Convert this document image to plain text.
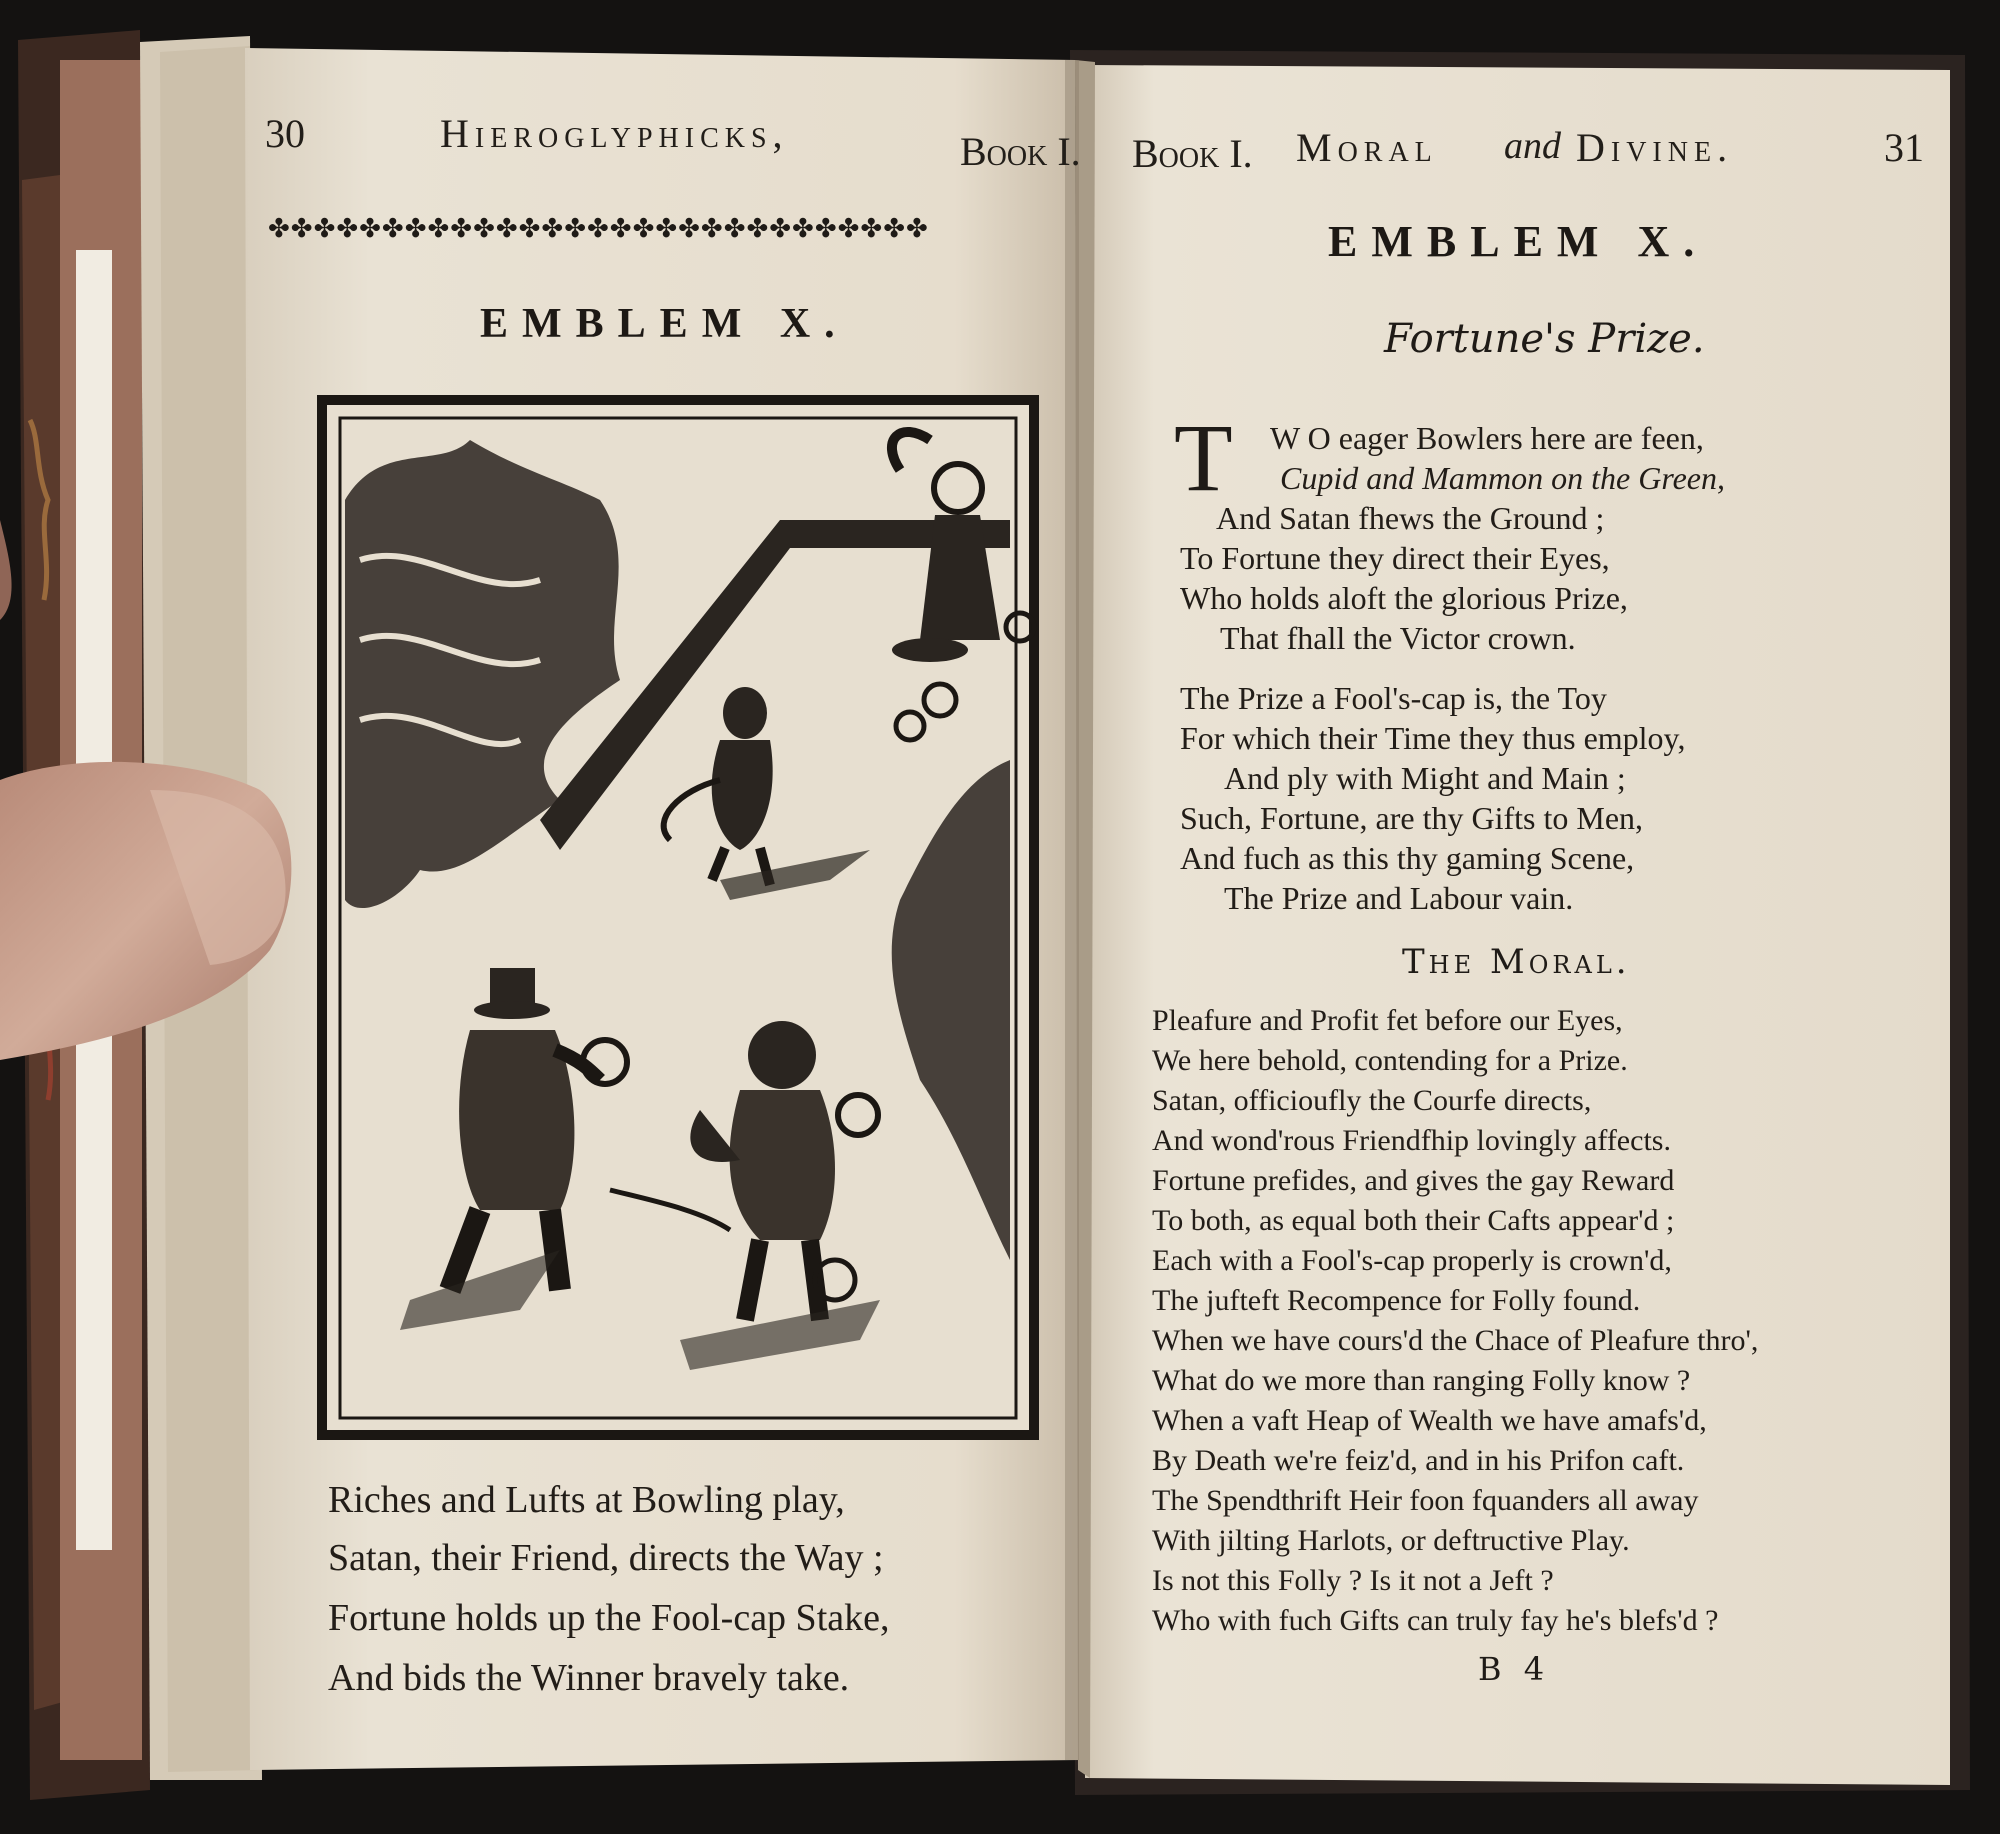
30	Hieroglyphicks,	Book I.
✤✤✤✤✤✤✤✤✤✤✤✤✤✤✤✤✤✤✤✤✤✤✤✤✤✤✤✤✤
EMBLEM X.
Riches and Lufts at Bowling play,
Satan, their Friend, directs the Way ;
Fortune holds up the Fool-cap Stake,
And bids the Winner bravely take.
Book I. Moral and Divine.	31
EMBLEM X.
Fortune's Prize.
T W O eager Bowlers here are feen,
Cupid and Mammon on the Green,
And Satan fhews the Ground ;
To Fortune they direct their Eyes,
Who holds aloft the glorious Prize,
That fhall the Victor crown.
The Prize a Fool's-cap is, the Toy
For which their Time they thus employ,
And ply with Might and Main ;
Such, Fortune, are thy Gifts to Men,
And fuch as this thy gaming Scene,
The Prize and Labour vain.
The Moral.
Pleafure and Profit fet before our Eyes,
We here behold, contending for a Prize.
Satan, officioufly the Courfe directs,
And wond'rous Friendfhip lovingly affects.
Fortune prefides, and gives the gay Reward
To both, as equal both their Cafts appear'd ;
Each with a Fool's-cap properly is crown'd,
The jufteft Recompence for Folly found.
When we have cours'd the Chace of Pleafure thro',
What do we more than ranging Folly know ?
When a vaft Heap of Wealth we have amafs'd,
By Death we're feiz'd, and in his Prifon caft.
The Spendthrift Heir foon fquanders all away
With jilting Harlots, or deftructive Play.
Is not this Folly ? Is it not a Jeft ?
Who with fuch Gifts can truly fay he's blefs'd ?
B 4
